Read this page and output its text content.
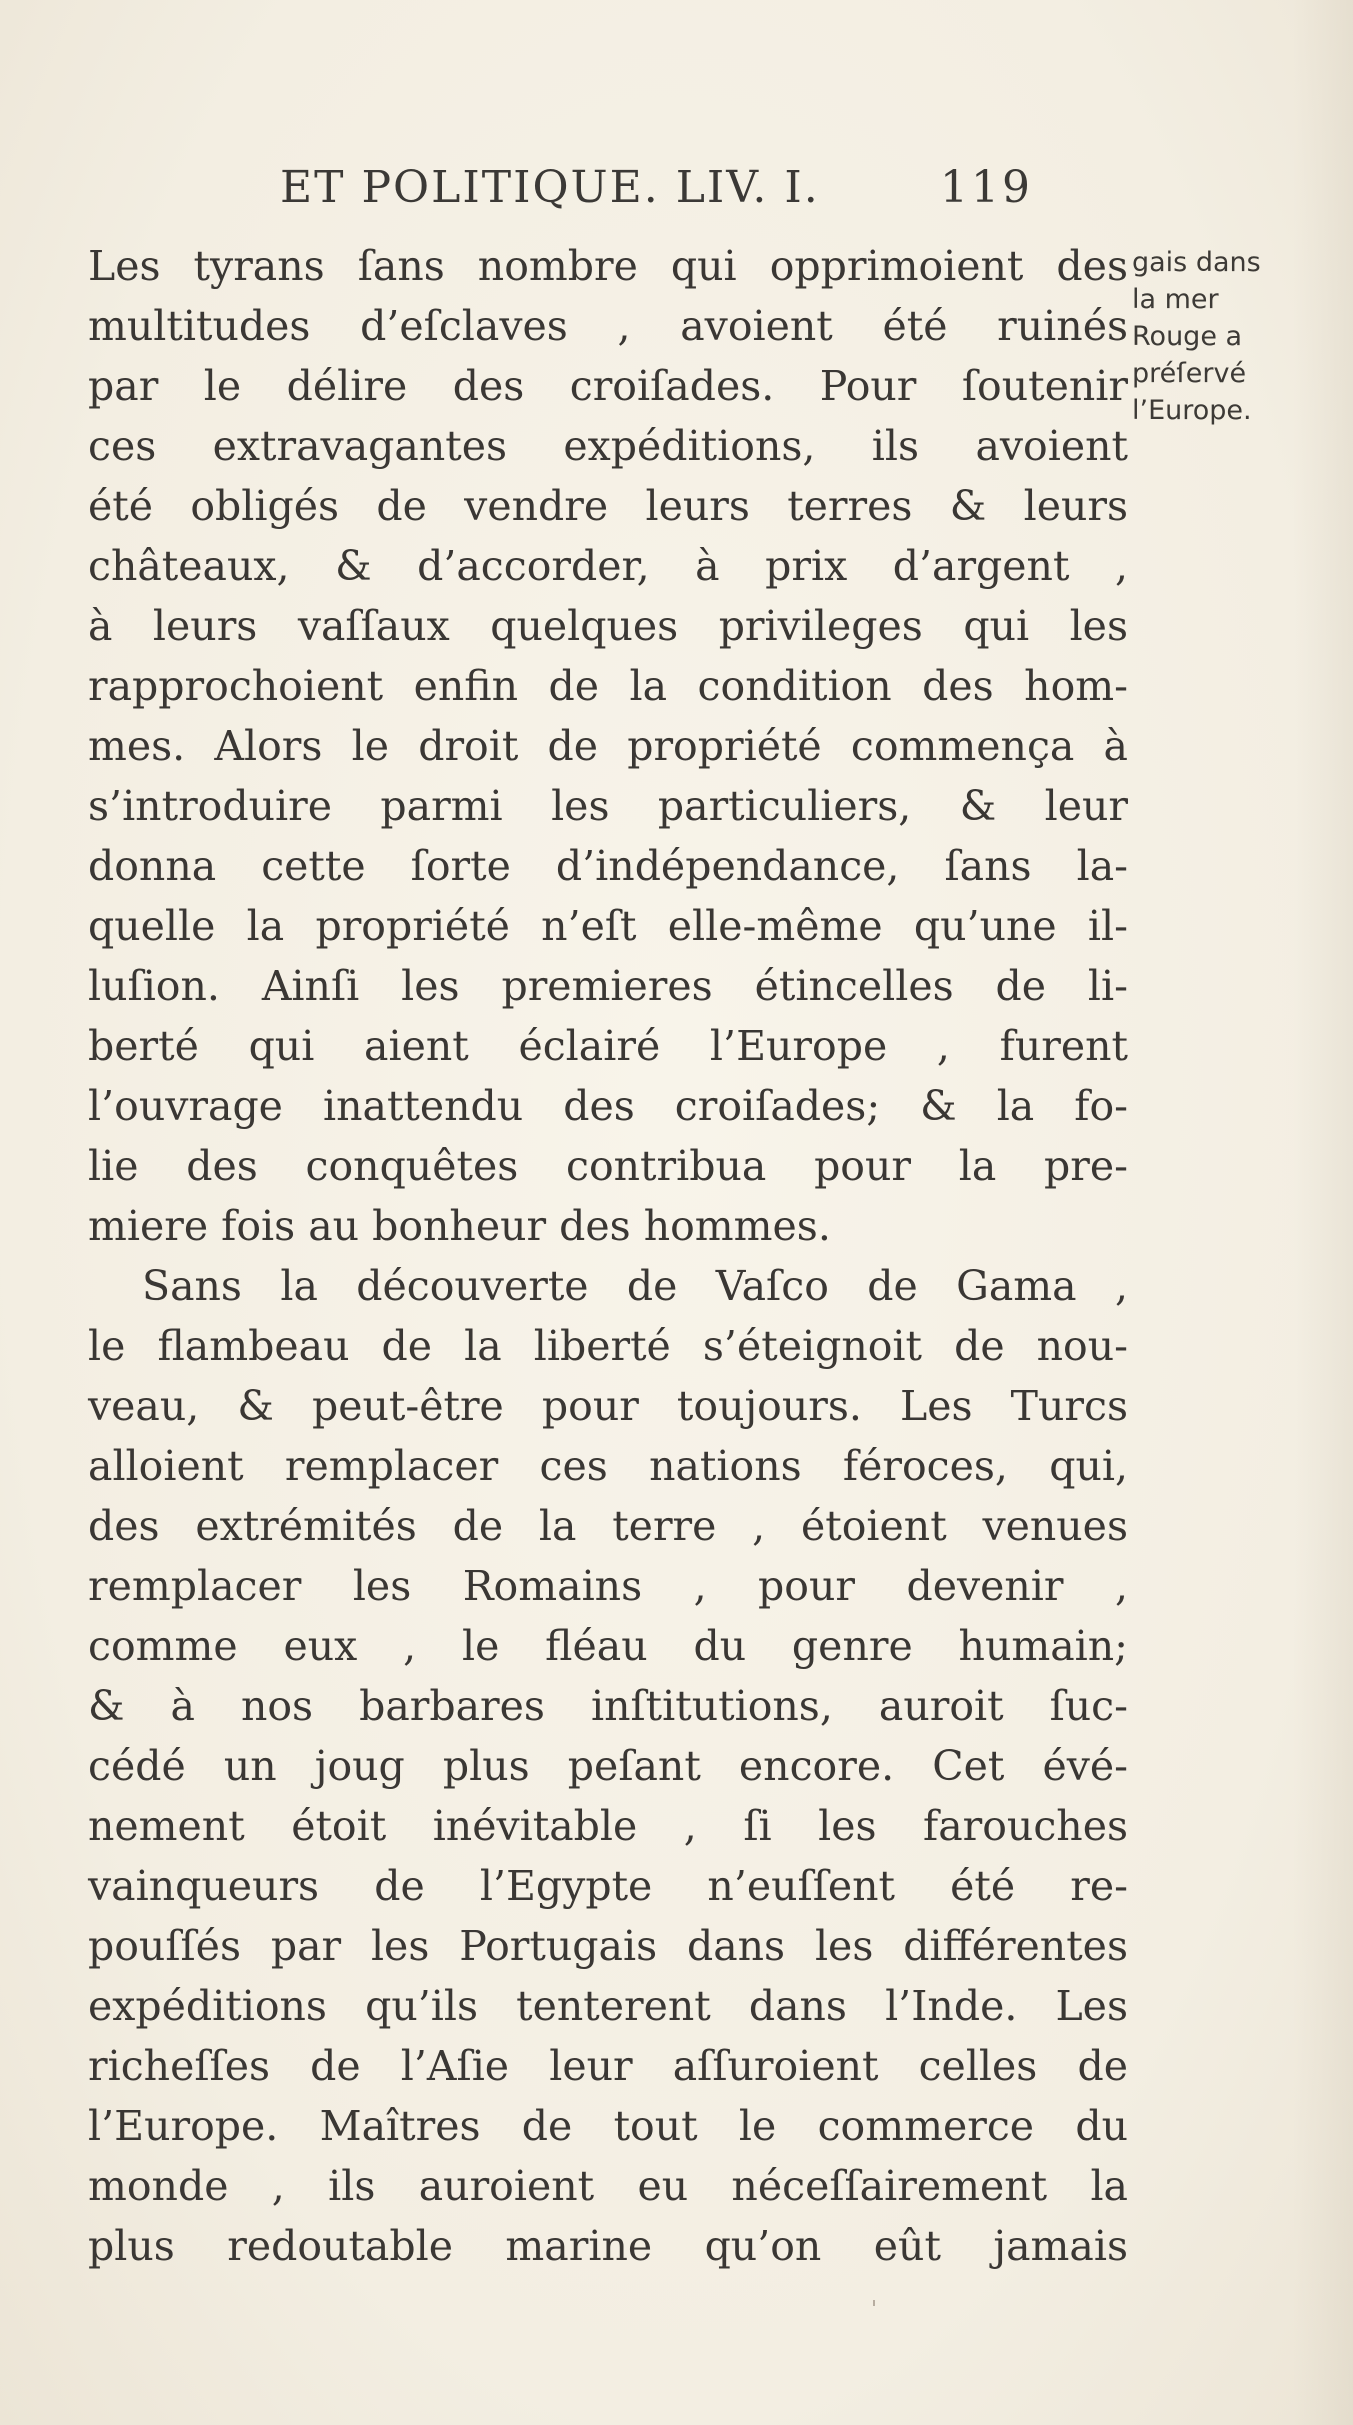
ET POLITIQUE. LIV. I.	119
Les tyrans ſans nombre qui opprimoient des
multitudes d’eſclaves , avoient été ruinés
par le délire des croiſades. Pour ſoutenir
ces extravagantes expéditions, ils avoient
été obligés de vendre leurs terres & leurs
châteaux, & d’accorder, à prix d’argent ,
à leurs vaſſaux quelques privileges qui les
rapprochoient enfin de la condition des hom-
mes. Alors le droit de propriété commença à
s’introduire parmi les particuliers, & leur
donna cette ſorte d’indépendance, ſans la-
quelle la propriété n’eſt elle-même qu’une il-
luſion. Ainſi les premieres étincelles de li-
berté qui aient éclairé l’Europe , furent
l’ouvrage inattendu des croiſades; & la fo-
lie des conquêtes contribua pour la pre-
miere fois au bonheur des hommes.
Sans la découverte de Vaſco de Gama ,
le flambeau de la liberté s’éteignoit de nou-
veau, & peut-être pour toujours. Les Turcs
alloient remplacer ces nations féroces, qui,
des extrémités de la terre , étoient venues
remplacer les Romains , pour devenir ,
comme eux , le fléau du genre humain;
& à nos barbares inſtitutions, auroit ſuc-
cédé un joug plus peſant encore. Cet évé-
nement étoit inévitable , ſi les farouches
vainqueurs de l’Egypte n’euſſent été re-
pouſſés par les Portugais dans les différentes
expéditions qu’ils tenterent dans l’Inde. Les
richeſſes de l’Aſie leur aſſuroient celles de
l’Europe. Maîtres de tout le commerce du
monde , ils auroient eu néceſſairement la
plus redoutable marine qu’on eût jamais
gais dans
la mer
Rouge a
préſervé
l’Europe.
